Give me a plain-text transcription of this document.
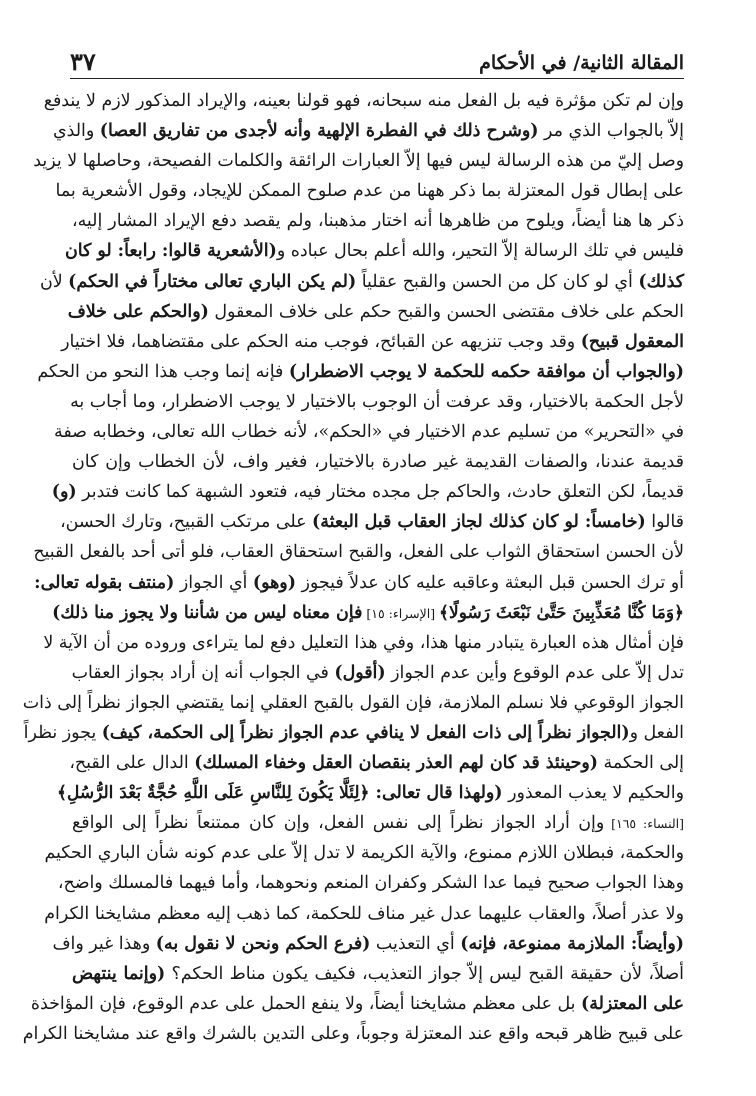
٣٧	المقالة الثانية/ في الأحكام
وإن لم تكن مؤثرة فيه بل الفعل منه سبحانه، فهو قولنا بعينه، والإيراد المذكور لازم لا يندفع
إلاّ بالجواب الذي مر (وشرح ذلك في الفطرة الإلهية وأنه لأجدى من تفاريق العصا) والذي
وصل إليّ من هذه الرسالة ليس فيها إلاّ العبارات الرائقة والكلمات الفصيحة، وحاصلها لا يزيد
على إبطال قول المعتزلة بما ذكر ههنا من عدم صلوح الممكن للإيجاد، وقول الأشعرية بما
ذكر ها هنا أيضاً، ويلوح من ظاهرها أنه اختار مذهبنا، ولم يقصد دفع الإيراد المشار إليه،
فليس في تلك الرسالة إلاّ التحير، والله أعلم بحال عباده و(الأشعرية قالوا: رابعاً: لو كان
كذلك) أي لو كان كل من الحسن والقبح عقلياً (لم يكن الباري تعالى مختاراً في الحكم) لأن
الحكم على خلاف مقتضى الحسن والقبح حكم على خلاف المعقول (والحكم على خلاف
المعقول قبيح) وقد وجب تنزيهه عن القبائح، فوجب منه الحكم على مقتضاهما، فلا اختيار
(والجواب أن موافقة حكمه للحكمة لا يوجب الاضطرار) فإنه إنما وجب هذا النحو من الحكم
لأجل الحكمة بالاختيار، وقد عرفت أن الوجوب بالاختيار لا يوجب الاضطرار، وما أجاب به
في «التحرير» من تسليم عدم الاختيار في «الحكم»، لأنه خطاب الله تعالى، وخطابه صفة
قديمة عندنا، والصفات القديمة غير صادرة بالاختيار، فغير واف، لأن الخطاب وإن كان
قديماً، لكن التعلق حادث، والحاكم جل مجده مختار فيه، فتعود الشبهة كما كانت فتدبر (و)
قالوا (خامساً: لو كان كذلك لجاز العقاب قبل البعثة) على مرتكب القبيح، وتارك الحسن،
لأن الحسن استحقاق الثواب على الفعل، والقبح استحقاق العقاب، فلو أتى أحد بالفعل القبيح
أو ترك الحسن قبل البعثة وعاقبه عليه كان عدلاً فيجوز (وهو) أي الجواز (منتف بقوله تعالى:
﴿وَمَا كُنَّا مُعَذِّبِينَ حَتَّىٰ نَبْعَثَ رَسُولًا﴾ [الإسراء: ١٥] فإن معناه ليس من شأننا ولا يجوز منا ذلك)
فإن أمثال هذه العبارة يتبادر منها هذا، وفي هذا التعليل دفع لما يتراءى وروده من أن الآية لا
تدل إلاّ على عدم الوقوع وأين عدم الجواز (أقول) في الجواب أنه إن أراد بجواز العقاب
الجواز الوقوعي فلا نسلم الملازمة، فإن القول بالقبح العقلي إنما يقتضي الجواز نظراً إلى ذات
الفعل و(الجواز نظراً إلى ذات الفعل لا ينافي عدم الجواز نظراً إلى الحكمة، كيف) يجوز نظراً
إلى الحكمة (وحينئذ قد كان لهم العذر بنقصان العقل وخفاء المسلك) الدال على القبح،
والحكيم لا يعذب المعذور (ولهذا قال تعالى: ﴿لِئَلَّا يَكُونَ لِلنَّاسِ عَلَى اللَّهِ حُجَّةٌ بَعْدَ الرُّسُلِ﴾
[النساء: ١٦٥] وإن أراد الجواز نظراً إلى نفس الفعل، وإن كان ممتنعاً نظراً إلى الواقع
والحكمة، فبطلان اللازم ممنوع، والآية الكريمة لا تدل إلاّ على عدم كونه شأن الباري الحكيم
وهذا الجواب صحيح فيما عدا الشكر وكفران المنعم ونحوهما، وأما فيهما فالمسلك واضح،
ولا عذر أصلاً، والعقاب عليهما عدل غير مناف للحكمة، كما ذهب إليه معظم مشايخنا الكرام
(وأيضاً: الملازمة ممنوعة، فإنه) أي التعذيب (فرع الحكم ونحن لا نقول به) وهذا غير واف
أصلاً، لأن حقيقة القبح ليس إلاّ جواز التعذيب، فكيف يكون مناط الحكم؟ (وإنما ينتهض
على المعتزلة) بل على معظم مشايخنا أيضاً، ولا ينفع الحمل على عدم الوقوع، فإن المؤاخذة
على قبيح ظاهر قبحه واقع عند المعتزلة وجوباً، وعلى التدين بالشرك واقع عند مشايخنا الكرام
